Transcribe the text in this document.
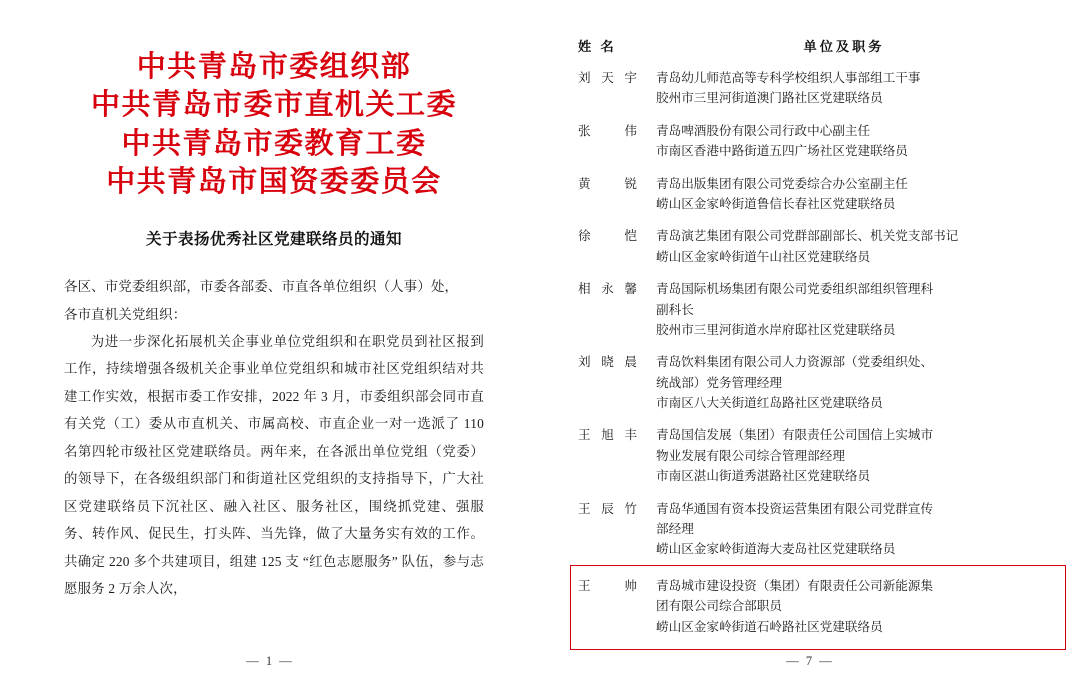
中共青岛市委组织部
中共青岛市委市直机关工委
中共青岛市委教育工委
中共青岛市国资委委员会
关于表扬优秀社区党建联络员的通知

各区、市党委组织部，市委各部委、市直各单位组织（人事）处，

各市直机关党组织：

为进一步深化拓展机关企事业单位党组织和在职党员到社区报到工作，持续增强各级机关企事业单位党组织和城市社区党组织结对共建工作实效，根据市委工作安排，2022 年 3 月，市委组织部会同市直有关党（工）委从市直机关、市属高校、市直企业一对一选派了 110 名第四轮市级社区党建联络员。两年来，在各派出单位党组（党委）的领导下，在各级组织部门和街道社区党组织的支持指导下，广大社区党建联络员下沉社区、融入社区、服务社区，围绕抓党建、强服务、转作风、促民生，打头阵、当先锋，做了大量务实有效的工作。共确定 220 多个共建项目，组建 125 支 “红色志愿服务” 队伍，参与志愿服务 2 万余人次，

— 1 —
姓 名	单位及职务
刘天宇	青岛幼儿师范高等专科学校组织人事部组工干事
胶州市三里河街道澳门路社区党建联络员

张 伟	青岛啤酒股份有限公司行政中心副主任
市南区香港中路街道五四广场社区党建联络员

黄 锐	青岛出版集团有限公司党委综合办公室副主任
崂山区金家岭街道鲁信长春社区党建联络员

徐 恺	青岛演艺集团有限公司党群部副部长、机关党支部书记
崂山区金家岭街道午山社区党建联络员

相永馨	青岛国际机场集团有限公司党委组织部组织管理科
副科长
胶州市三里河街道水岸府邸社区党建联络员

刘晓晨	青岛饮料集团有限公司人力资源部（党委组织处、
统战部）党务管理经理
市南区八大关街道红岛路社区党建联络员

王旭丰	青岛国信发展（集团）有限责任公司国信上实城市
物业发展有限公司综合管理部经理
市南区湛山街道秀湛路社区党建联络员

王辰竹	青岛华通国有资本投资运营集团有限公司党群宣传
部经理
崂山区金家岭街道海大麦岛社区党建联络员

王 帅	青岛城市建设投资（集团）有限责任公司新能源集
团有限公司综合部职员
崂山区金家岭街道石岭路社区党建联络员
— 7 —
